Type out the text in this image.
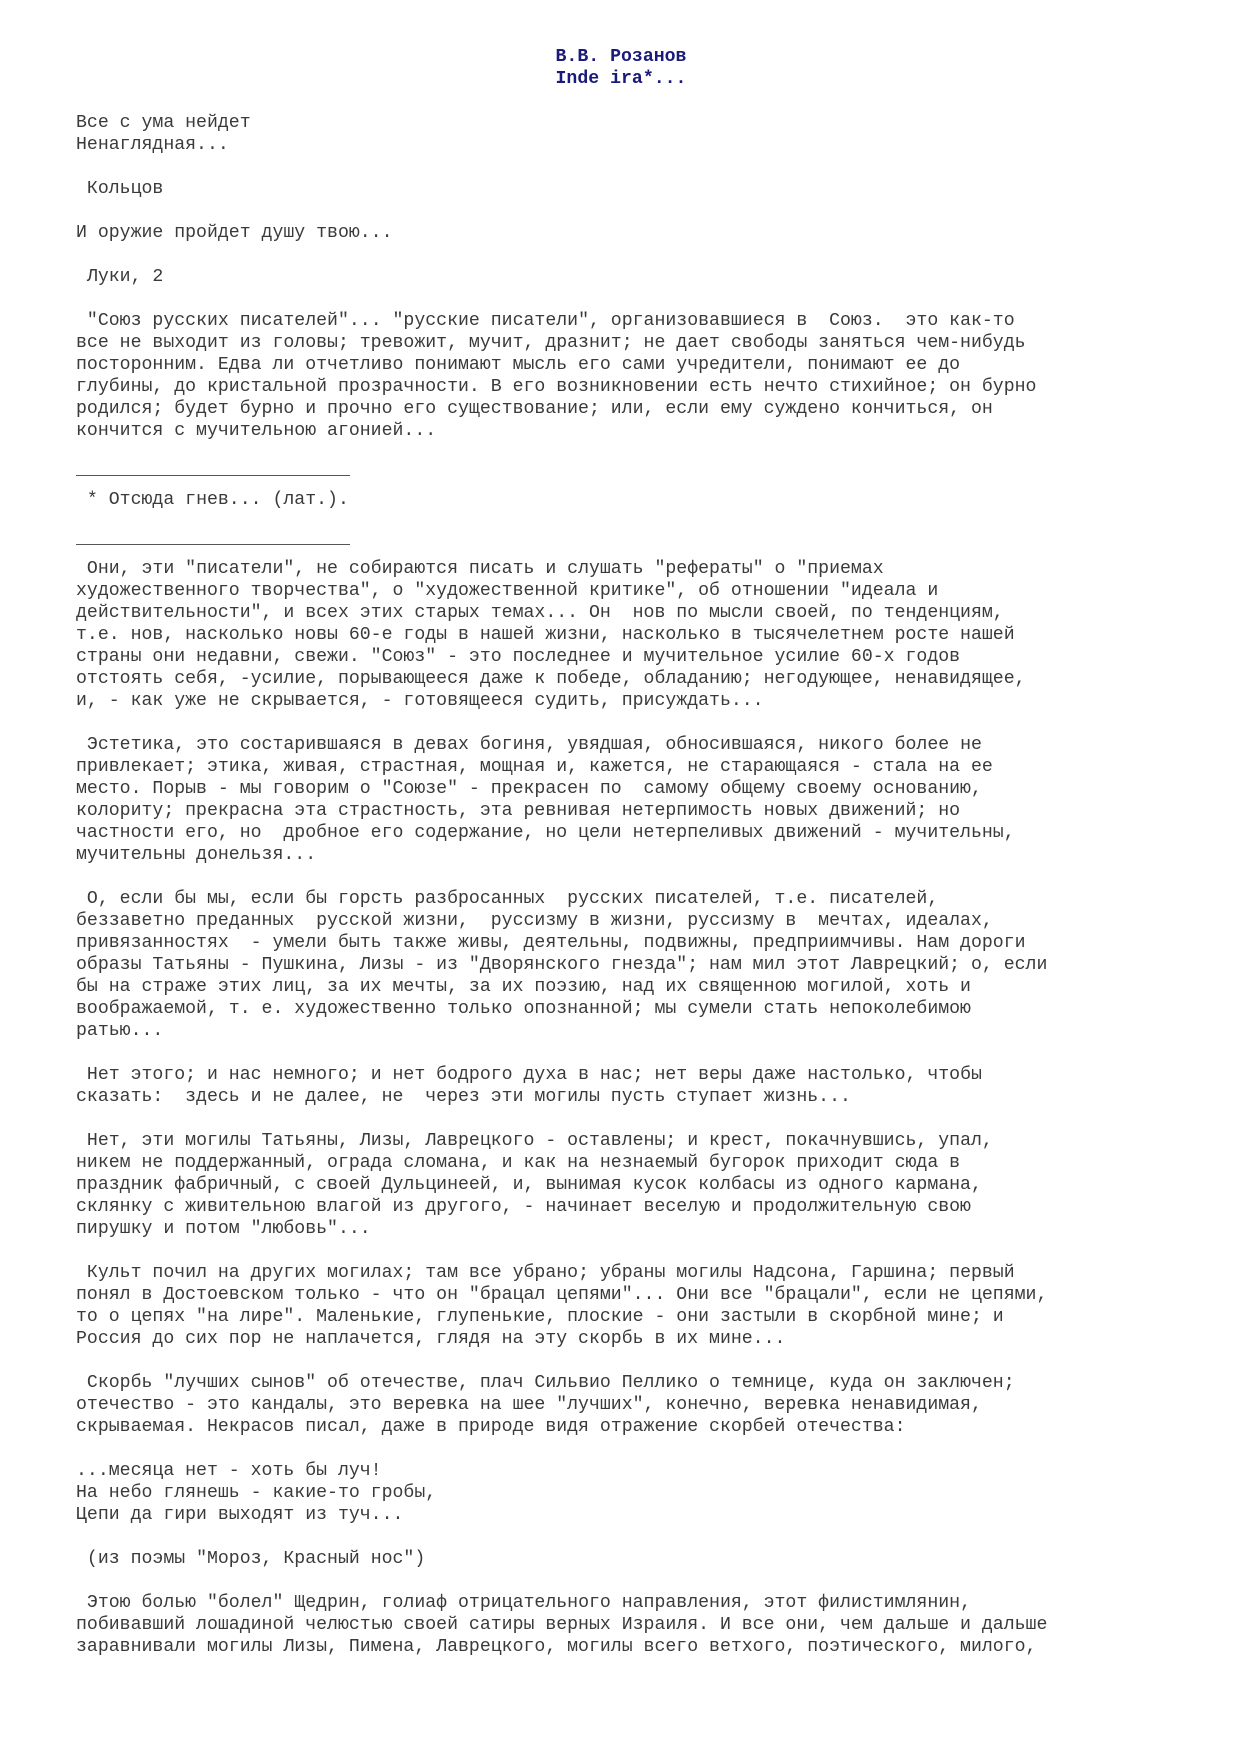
В.В. Розанов
Inde ira*...
Все с ума нейдет
Ненаглядная...
Кольцов
И оружие пройдет душу твою...
Луки, 2
"Союз русских писателей"... "русские писатели", организовавшиеся в  Союз.  это как-то
все не выходит из головы; тревожит, мучит, дразнит; не дает свободы заняться чем-нибудь
посторонним. Едва ли отчетливо понимают мысль его сами учредители, понимают ее до
глубины, до кристальной прозрачности. В его возникновении есть нечто стихийное; он бурно
родился; будет бурно и прочно его существование; или, если ему суждено кончиться, он
кончится с мучительною агонией...
* Отсюда гнев... (лат.).
Они, эти "писатели", не собираются писать и слушать "рефераты" о "приемах
художественного творчества", о "художественной критике", об отношении "идеала и
действительности", и всех этих старых темах... Он  нов по мысли своей, по тенденциям,
т.е. нов, насколько новы 60-е годы в нашей жизни, насколько в тысячелетнем росте нашей
страны они недавни, свежи. "Союз" - это последнее и мучительное усилие 60-х годов
отстоять себя, -усилие, порывающееся даже к победе, обладанию; негодующее, ненавидящее,
и, - как уже не скрывается, - готовящееся судить, присуждать...
Эстетика, это состарившаяся в девах богиня, увядшая, обносившаяся, никого более не
привлекает; этика, живая, страстная, мощная и, кажется, не старающаяся - стала на ее
место. Порыв - мы говорим о "Союзе" - прекрасен по  самому общему своему основанию,
колориту; прекрасна эта страстность, эта ревнивая нетерпимость новых движений; но
частности его, но  дробное его содержание, но цели нетерпеливых движений - мучительны,
мучительны донельзя...
О, если бы мы, если бы горсть разбросанных  русских писателей, т.е. писателей,
беззаветно преданных  русской жизни,  руссизму в жизни, руссизму в  мечтах, идеалах,
привязанностях  - умели быть также живы, деятельны, подвижны, предприимчивы. Нам дороги
образы Татьяны - Пушкина, Лизы - из "Дворянского гнезда"; нам мил этот Лаврецкий; о, если
бы на страже этих лиц, за их мечты, за их поэзию, над их священною могилой, хоть и
воображаемой, т. е. художественно только опознанной; мы сумели стать непоколебимою
ратью...
Нет этого; и нас немного; и нет бодрого духа в нас; нет веры даже настолько, чтобы
сказать:  здесь и не далее, не  через эти могилы пусть ступает жизнь...
Нет, эти могилы Татьяны, Лизы, Лаврецкого - оставлены; и крест, покачнувшись, упал,
никем не поддержанный, ограда сломана, и как на незнаемый бугорок приходит сюда в
праздник фабричный, с своей Дульцинеей, и, вынимая кусок колбасы из одного кармана,
склянку с живительною влагой из другого, - начинает веселую и продолжительную свою
пирушку и потом "любовь"...
Культ почил на других могилах; там все убрано; убраны могилы Надсона, Гаршина; первый
понял в Достоевском только - что он "брацал цепями"... Они все "брацали", если не цепями,
то о цепях "на лире". Маленькие, глупенькие, плоские - они застыли в скорбной мине; и
Россия до сих пор не наплачется, глядя на эту скорбь в их мине...
Скорбь "лучших сынов" об отечестве, плач Сильвио Пеллико о темнице, куда он заключен;
отечество - это кандалы, это веревка на шее "лучших", конечно, веревка ненавидимая,
скрываемая. Некрасов писал, даже в природе видя отражение скорбей отечества:
...месяца нет - хоть бы луч!
На небо глянешь - какие-то гробы,
Цепи да гири выходят из туч...
(из поэмы "Мороз, Красный нос")
Этою болью "болел" Щедрин, голиаф отрицательного направления, этот филистимлянин,
побивавший лошадиной челюстью своей сатиры верных Израиля. И все они, чем дальше и дальше
заравнивали могилы Лизы, Пимена, Лаврецкого, могилы всего ветхого, поэтического, милого,
